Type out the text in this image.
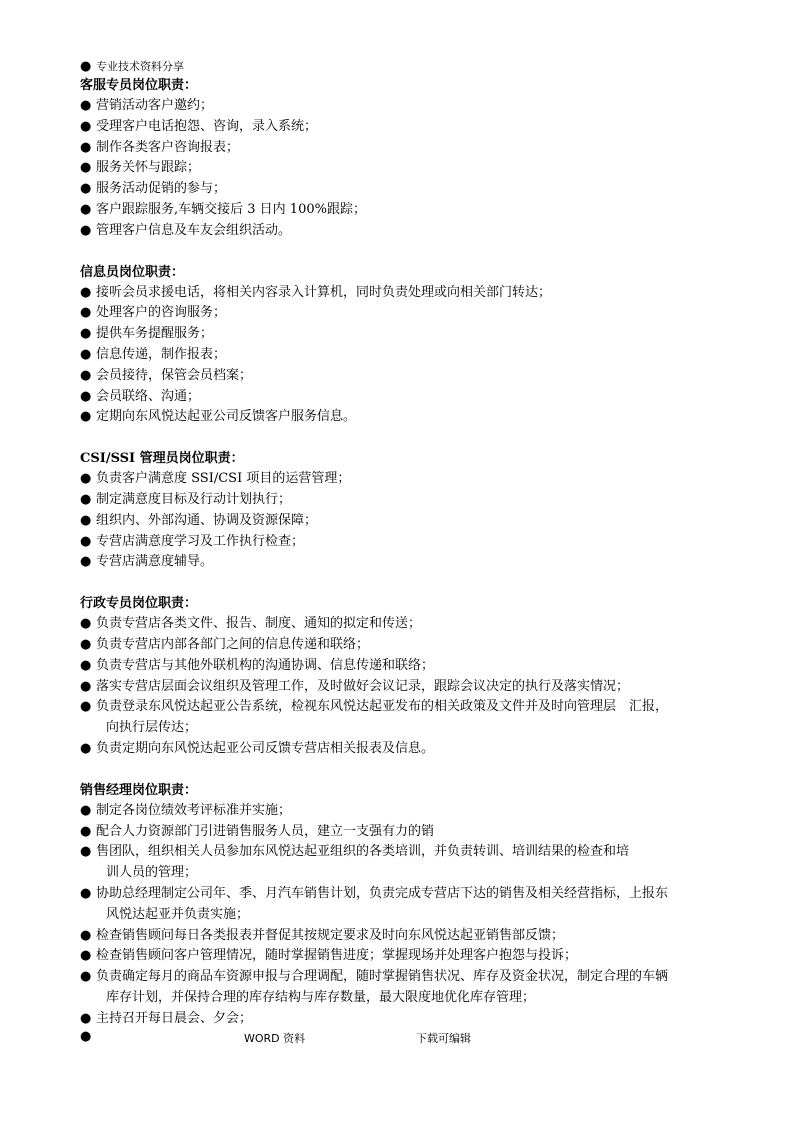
● 专业技术资料分享
客服专员岗位职责：
● 营销活动客户邀约；
● 受理客户电话抱怨、咨询，录入系统；
● 制作各类客户咨询报表；
● 服务关怀与跟踪；
● 服务活动促销的参与；
● 客户跟踪服务,车辆交接后 3 日内 100%跟踪；
● 管理客户信息及车友会组织活动。
信息员岗位职责：
● 接听会员求援电话，将相关内容录入计算机，同时负责处理或向相关部门转达；
● 处理客户的咨询服务；
● 提供车务提醒服务；
● 信息传递，制作报表；
● 会员接待，保管会员档案；
● 会员联络、沟通；
● 定期向东风悦达起亚公司反馈客户服务信息。
CSI/SSI 管理员岗位职责：
● 负责客户满意度 SSI/CSI 项目的运营管理；
● 制定满意度目标及行动计划执行；
● 组织内、外部沟通、协调及资源保障；
● 专营店满意度学习及工作执行检查；
● 专营店满意度辅导。
行政专员岗位职责：
● 负责专营店各类文件、报告、制度、通知的拟定和传送；
● 负责专营店内部各部门之间的信息传递和联络；
● 负责专营店与其他外联机构的沟通协调、信息传递和联络；
● 落实专营店层面会议组织及管理工作，及时做好会议记录，跟踪会议决定的执行及落实情况；
● 负责登录东风悦达起亚公告系统，检视东风悦达起亚发布的相关政策及文件并及时向管理层　汇报，
向执行层传达；
● 负责定期向东风悦达起亚公司反馈专营店相关报表及信息。
销售经理岗位职责：
● 制定各岗位绩效考评标准并实施；
● 配合人力资源部门引进销售服务人员，建立一支强有力的销
● 售团队，组织相关人员参加东风悦达起亚组织的各类培训，并负责转训、培训结果的检查和培
训人员的管理；
● 协助总经理制定公司年、季、月汽车销售计划，负责完成专营店下达的销售及相关经营指标，上报东
风悦达起亚并负责实施；
● 检查销售顾问每日各类报表并督促其按规定要求及时向东风悦达起亚销售部反馈；
● 检查销售顾问客户管理情况，随时掌握销售进度；掌握现场并处理客户抱怨与投诉；
● 负责确定每月的商品车资源申报与合理调配，随时掌握销售状况、库存及资金状况，制定合理的车辆
库存计划，并保持合理的库存结构与库存数量，最大限度地优化库存管理；
● 主持召开每日晨会、夕会；
●	WORD 资料	下载可编辑
